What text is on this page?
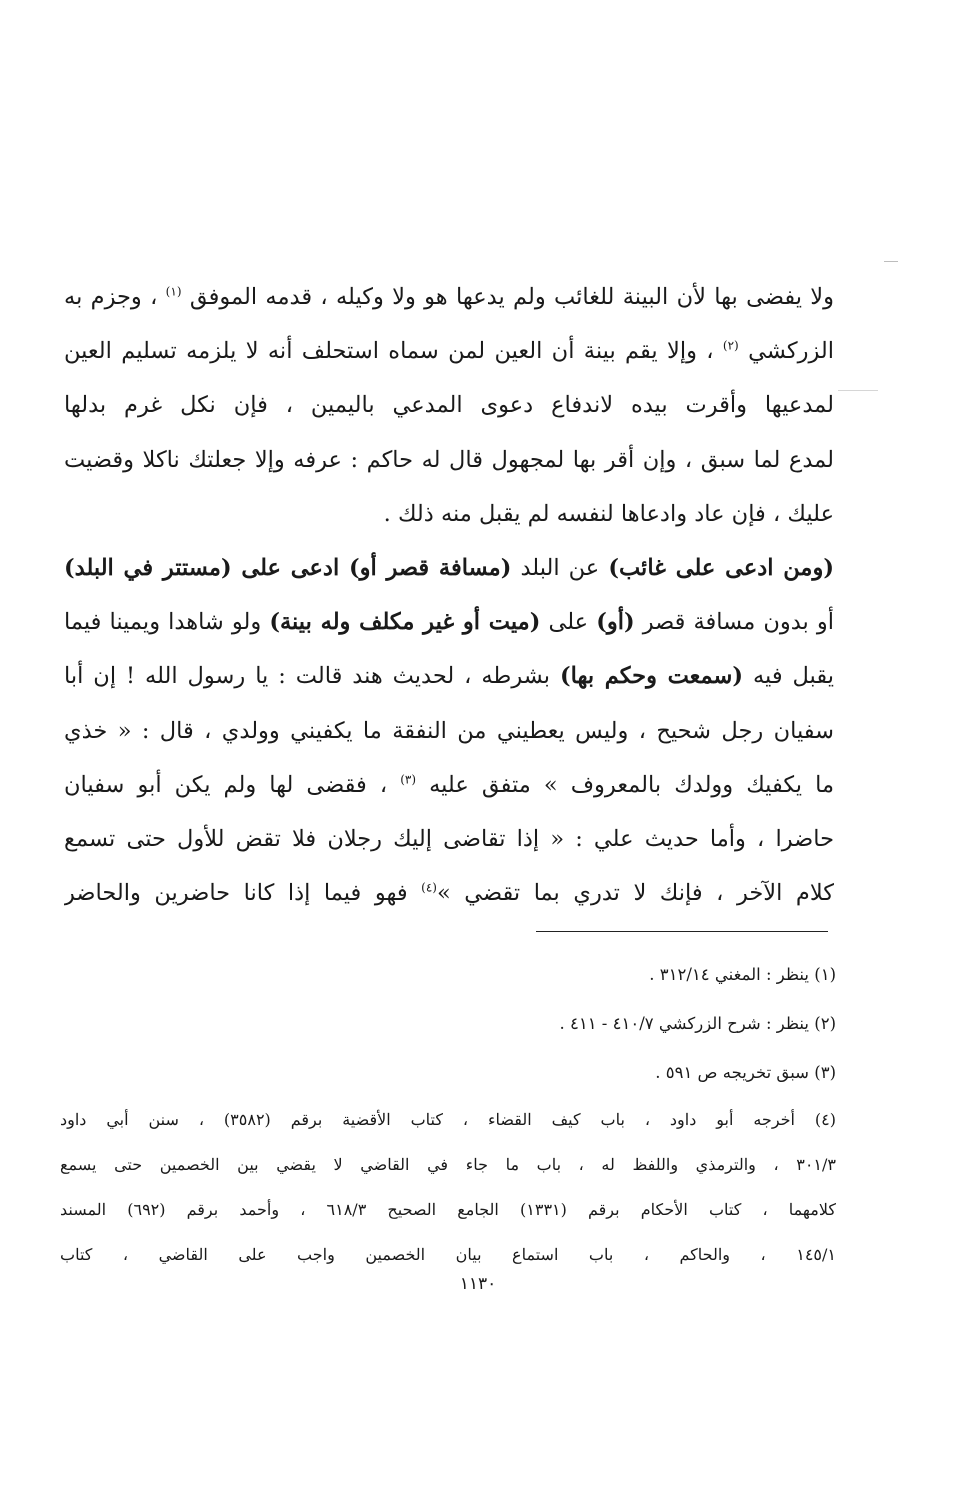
ولا يفضى بها لأن البينة للغائب ولم يدعها هو ولا وكيله ، قدمه الموفق $^{(١)}$ ، وجزم به
الزركشي $^{(٢)}$ ، وإلا يقم بينة أن العين لمن سماه استحلف أنه لا يلزمه تسليم العين
لمدعيها وأقرت بيده لاندفاع دعوى المدعي باليمين ، فإن نكل غرم بدلها
لمدع لما سبق ، وإن أقر بها لمجهول قال له حاكم : عرفه وإلا جعلتك ناكلا وقضيت
عليك ، فإن عاد وادعاها لنفسه لم يقبل منه ذلك .
(ومن ادعى على غائب) عن البلد (مسافة قصر أو) ادعى على (مستتر في البلد)
أو بدون مسافة قصر (أو) على (ميت أو غير مكلف وله بينة) ولو شاهدا ويمينا فيما
يقبل فيه (سمعت وحكم بها) بشرطه ، لحديث هند قالت : يا رسول الله ! إن أبا
سفيان رجل شحيح ، وليس يعطيني من النفقة ما يكفيني وولدي ، قال : « خذي
ما يكفيك وولدك بالمعروف » متفق عليه $^{(٣)}$ ، فقضى لها ولم يكن أبو سفيان
حاضرا ، وأما حديث علي : « إذا تقاضى إليك رجلان فلا تقض للأول حتى تسمع
كلام الآخر ، فإنك لا تدري بما تقضي »$^{(٤)}$ فهو فيما إذا كانا حاضرين والحاضر
(١) ينظر : المغني ٣١٢/١٤ .
(٢) ينظر : شرح الزركشي ٤١٠/٧ - ٤١١ .
(٣) سبق تخريجه ص ٥٩١ .
(٤) أخرجه أبو داود ، باب كيف القضاء ، كتاب الأقضية برقم (٣٥٨٢) ، سنن أبي داود
٣٠١/٣ ، والترمذي واللفظ له ، باب ما جاء في القاضي لا يقضي بين الخصمين حتى يسمع
كلامهما ، كتاب الأحكام برقم (١٣٣١) الجامع الصحيح ٦١٨/٣ ، وأحمد برقم (٦٩٢) المسند
١٤٥/١ ، والحاكم ، باب استماع بيان الخصمين واجب على القاضي ، كتاب
١١٣٠
